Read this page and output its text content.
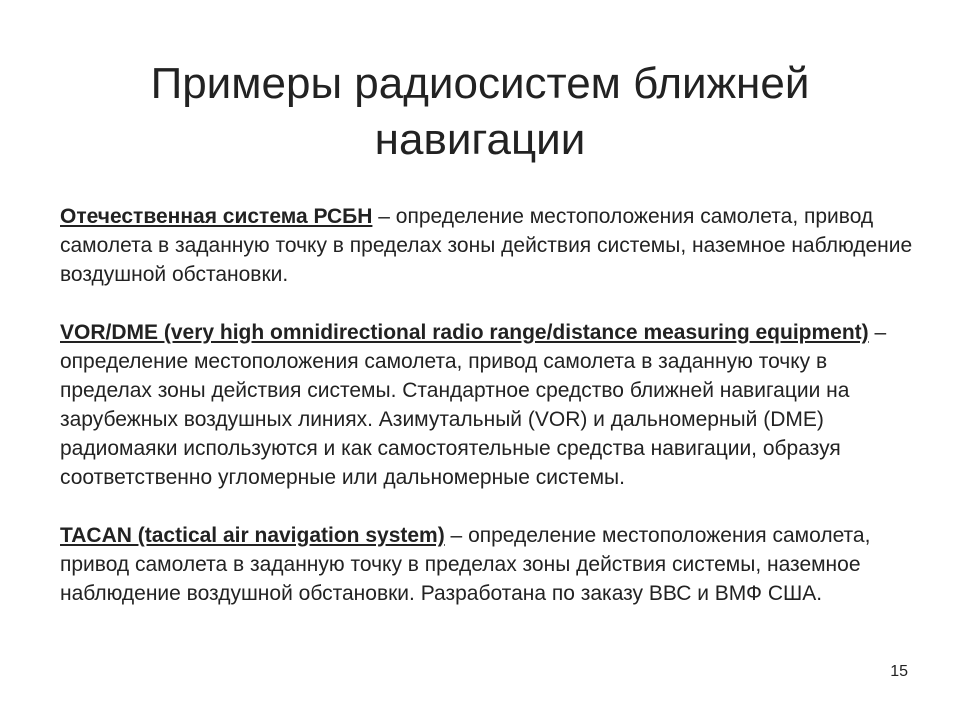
Примеры радиосистем ближней навигации

Отечественная система РСБН – определение местоположения самолета, привод самолета в заданную точку в пределах зоны действия системы, наземное наблюдение воздушной обстановки.

VOR/DME (very high omnidirectional radio range/distance measuring equipment) – определение местоположения самолета, привод самолета в заданную точку в пределах зоны действия системы. Стандартное средство ближней навигации на зарубежных воздушных линиях. Азимутальный (VOR) и дальномерный (DME) радиомаяки используются и как самостоятельные средства навигации, образуя соответственно угломерные или дальномерные системы.

TACAN (tactical air navigation system) – определение местоположения самолета, привод самолета в заданную точку в пределах зоны действия системы, наземное наблюдение воздушной обстановки. Разработана по заказу ВВС и ВМФ США.

15
